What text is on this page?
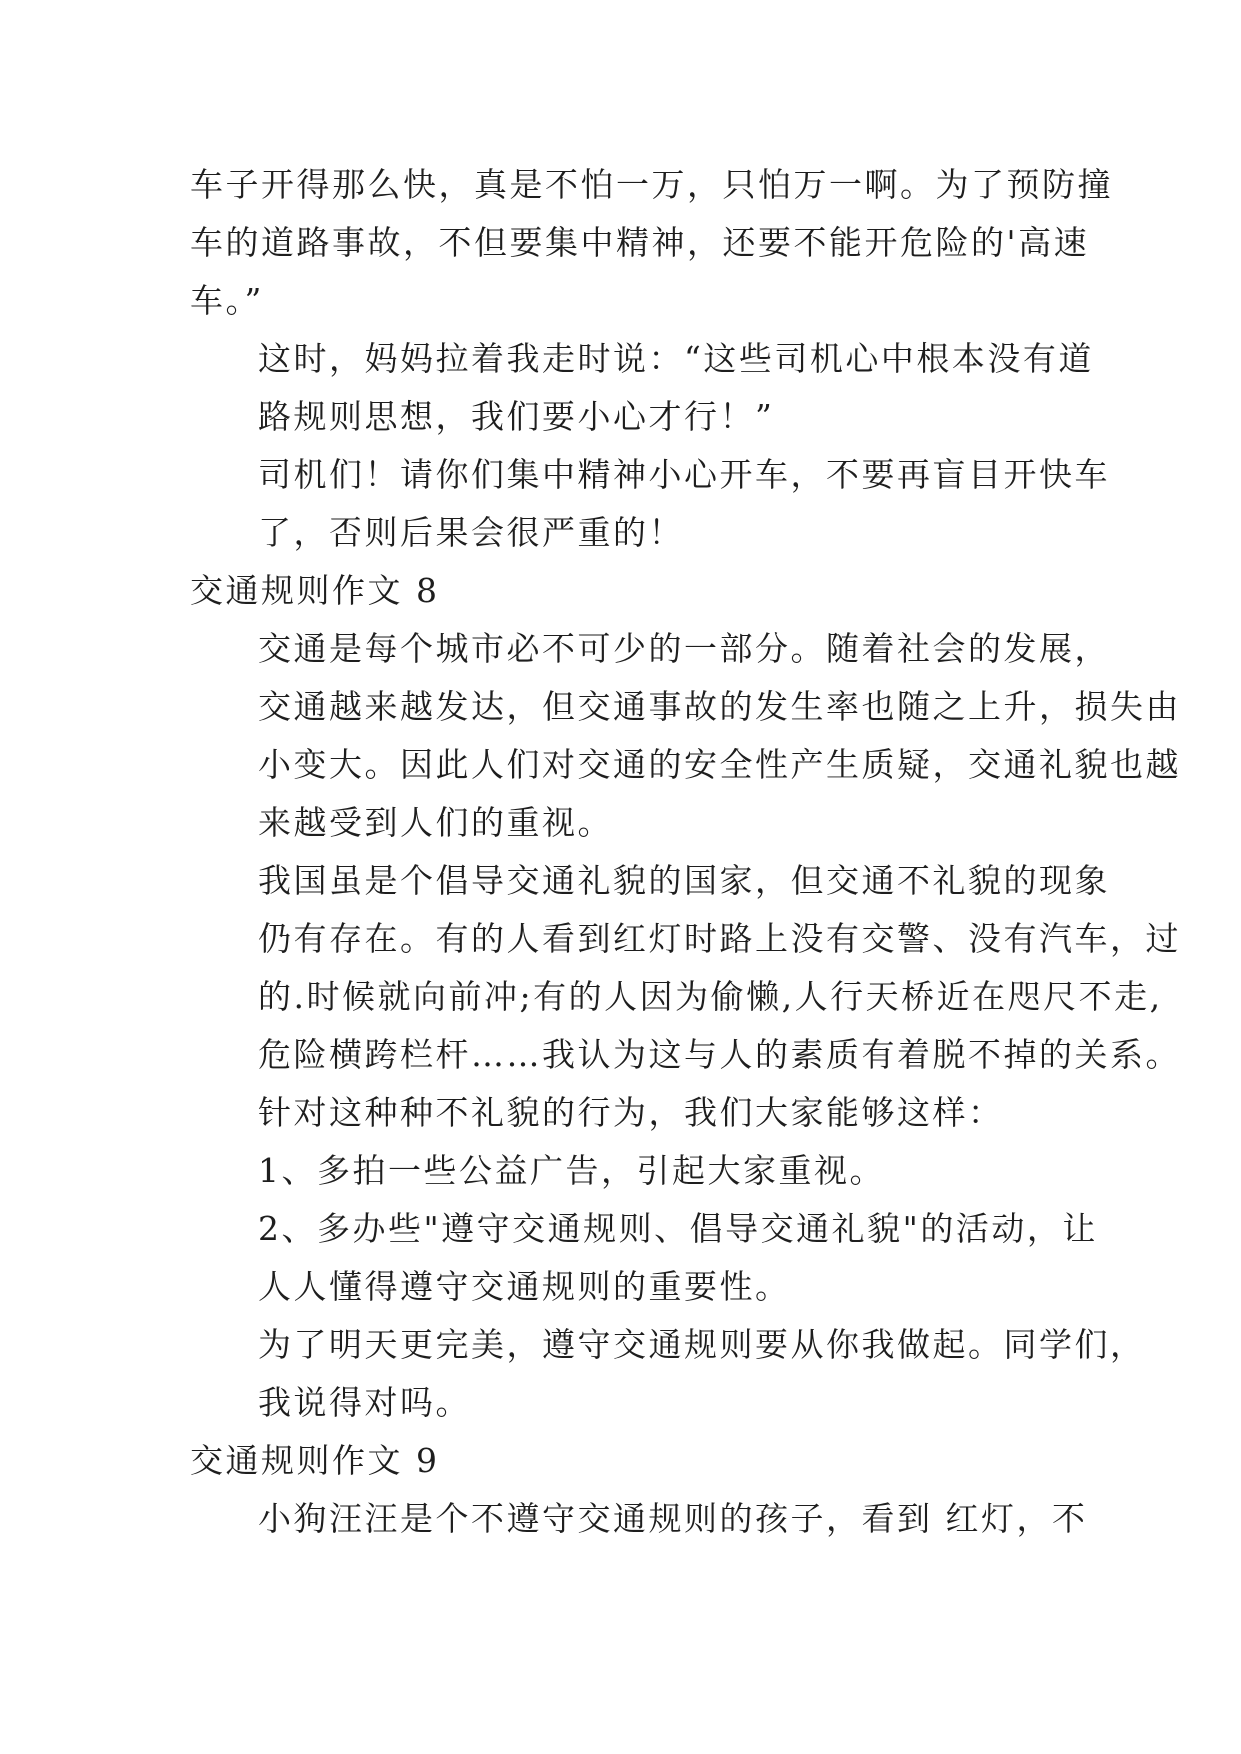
车子开得那么快，真是不怕一万，只怕万一啊。为了预防撞
车的道路事故，不但要集中精神，还要不能开危险的'高速
车。”

这时，妈妈拉着我走时说：“这些司机心中根本没有道
路规则思想，我们要小心才行！”

司机们！请你们集中精神小心开车，不要再盲目开快车
了，否则后果会很严重的！

交通规则作文 8

交通是每个城市必不可少的一部分。随着社会的发展，
交通越来越发达，但交通事故的发生率也随之上升，损失由
小变大。因此人们对交通的安全性产生质疑，交通礼貌也越
来越受到人们的重视。

我国虽是个倡导交通礼貌的国家，但交通不礼貌的现象
仍有存在。有的人看到红灯时路上没有交警、没有汽车，过
的.时候就向前冲;有的人因为偷懒,人行天桥近在咫尺不走,
危险横跨栏杆……我认为这与人的素质有着脱不掉的关系。

针对这种种不礼貌的行为，我们大家能够这样：

1、多拍一些公益广告，引起大家重视。

2、多办些"遵守交通规则、倡导交通礼貌"的活动，让
人人懂得遵守交通规则的重要性。

为了明天更完美，遵守交通规则要从你我做起。同学们，
我说得对吗。

交通规则作文 9

小狗汪汪是个不遵守交通规则的孩子，看到 红灯，不
